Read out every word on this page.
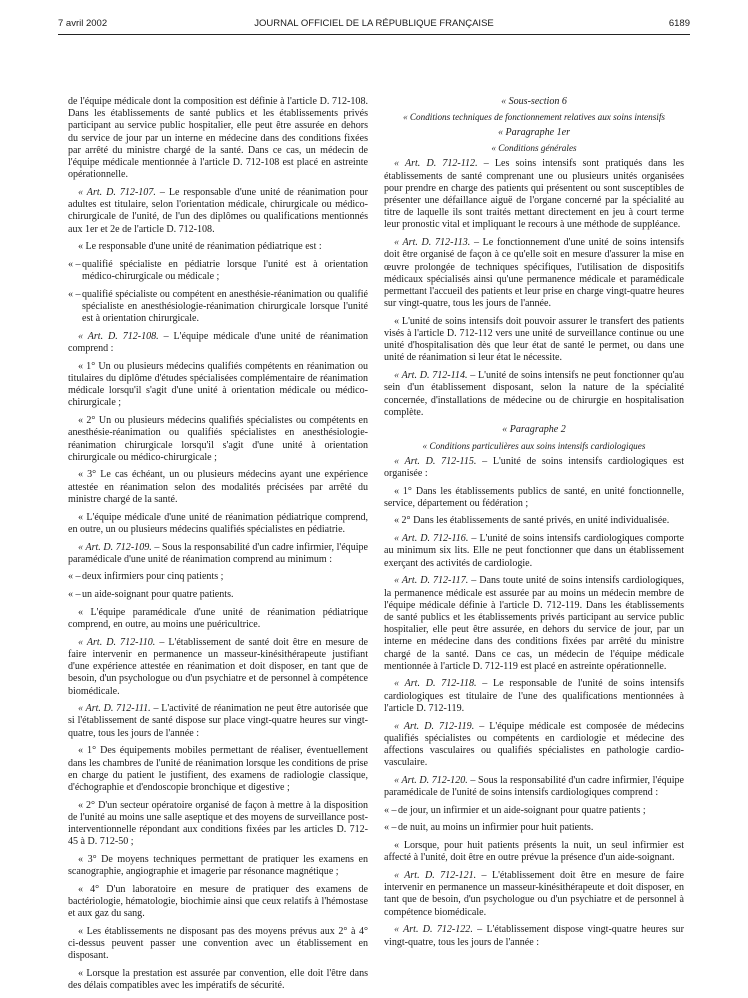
7 avril 2002	JOURNAL OFFICIEL DE LA RÉPUBLIQUE FRANÇAISE	6189

de l'équipe médicale dont la composition est définie à l'article D. 712-108. Dans les établissements de santé publics et les établissements privés participant au service public hospitalier, elle peut être assurée en dehors du service de jour par un interne en médecine dans des conditions fixées par arrêté du ministre chargé de la santé. Dans ce cas, un médecin de l'équipe médicale mentionnée à l'article D. 712-108 est placé en astreinte opérationnelle.

« Art. D. 712-107. – Le responsable d'une unité de réanimation pour adultes est titulaire, selon l'orientation médicale, chirurgicale ou médico-chirurgicale de l'unité, de l'un des diplômes ou qualifications mentionnés aux 1er et 2e de l'article D. 712-108.

« Le responsable d'une unité de réanimation pédiatrique est :

« –qualifié spécialiste en pédiatrie lorsque l'unité est à orientation médico-chirurgicale ou médicale ;

« –qualifié spécialiste ou compétent en anesthésie-réanimation ou qualifié spécialiste en anesthésiologie-réanimation chirurgicale lorsque l'unité est à orientation chirurgicale.

« Art. D. 712-108. – L'équipe médicale d'une unité de réanimation comprend :

« 1° Un ou plusieurs médecins qualifiés compétents en réanimation ou titulaires du diplôme d'études spécialisées complémentaire de réanimation médicale lorsqu'il s'agit d'une unité à orientation médicale ou médico-chirurgicale ;

« 2° Un ou plusieurs médecins qualifiés spécialistes ou compétents en anesthésie-réanimation ou qualifiés spécialistes en anesthésiologie-réanimation chirurgicale lorsqu'il s'agit d'une unité à orientation chirurgicale ou médico-chirurgicale ;

« 3° Le cas échéant, un ou plusieurs médecins ayant une expérience attestée en réanimation selon des modalités précisées par arrêté du ministre chargé de la santé.

« L'équipe médicale d'une unité de réanimation pédiatrique comprend, en outre, un ou plusieurs médecins qualifiés spécialistes en pédiatrie.

« Art. D. 712-109. – Sous la responsabilité d'un cadre infirmier, l'équipe paramédicale d'une unité de réanimation comprend au minimum :

« –deux infirmiers pour cinq patients ;

« –un aide-soignant pour quatre patients.

« L'équipe paramédicale d'une unité de réanimation pédiatrique comprend, en outre, au moins une puéricultrice.

« Art. D. 712-110. – L'établissement de santé doit être en mesure de faire intervenir en permanence un masseur-kinésithérapeute justifiant d'une expérience attestée en réanimation et doit disposer, en tant que de besoin, d'un psychologue ou d'un psychiatre et de personnel à compétence biomédicale.

« Art. D. 712-111. – L'activité de réanimation ne peut être autorisée que si l'établissement de santé dispose sur place vingt-quatre heures sur vingt-quatre, tous les jours de l'année :

« 1° Des équipements mobiles permettant de réaliser, éventuellement dans les chambres de l'unité de réanimation lorsque les conditions de prise en charge du patient le justifient, des examens de radiologie classique, d'échographie et d'endoscopie bronchique et digestive ;

« 2° D'un secteur opératoire organisé de façon à mettre à la disposition de l'unité au moins une salle aseptique et des moyens de surveillance post-interventionnelle répondant aux conditions fixées par les articles D. 712-45 à D. 712-50 ;

« 3° De moyens techniques permettant de pratiquer les examens en scanographie, angiographie et imagerie par résonance magnétique ;

« 4° D'un laboratoire en mesure de pratiquer des examens de bactériologie, hématologie, biochimie ainsi que ceux relatifs à l'hémostase et aux gaz du sang.

« Les établissements ne disposant pas des moyens prévus aux 2° à 4° ci-dessus peuvent passer une convention avec un établissement en disposant.

« Lorsque la prestation est assurée par convention, elle doit l'être dans des délais compatibles avec les impératifs de sécurité.

« Sous-section 6

« Conditions techniques de fonctionnement relatives aux soins intensifs

« Paragraphe 1er

« Conditions générales

« Art. D. 712-112. – Les soins intensifs sont pratiqués dans les établissements de santé comprenant une ou plusieurs unités organisées pour prendre en charge des patients qui présentent ou sont susceptibles de présenter une défaillance aiguë de l'organe concerné par la spécialité au titre de laquelle ils sont traités mettant directement en jeu à court terme leur pronostic vital et impliquant le recours à une méthode de suppléance.

« Art. D. 712-113. – Le fonctionnement d'une unité de soins intensifs doit être organisé de façon à ce qu'elle soit en mesure d'assurer la mise en œuvre prolongée de techniques spécifiques, l'utilisation de dispositifs médicaux spécialisés ainsi qu'une permanence médicale et paramédicale permettant l'accueil des patients et leur prise en charge vingt-quatre heures sur vingt-quatre, tous les jours de l'année.

« L'unité de soins intensifs doit pouvoir assurer le transfert des patients visés à l'article D. 712-112 vers une unité de surveillance continue ou une unité d'hospitalisation dès que leur état de santé le permet, ou dans une unité de réanimation si leur état le nécessite.

« Art. D. 712-114. – L'unité de soins intensifs ne peut fonctionner qu'au sein d'un établissement disposant, selon la nature de la spécialité concernée, d'installations de médecine ou de chirurgie en hospitalisation complète.

« Paragraphe 2

« Conditions particulières aux soins intensifs cardiologiques

« Art. D. 712-115. – L'unité de soins intensifs cardiologiques est organisée :

« 1° Dans les établissements publics de santé, en unité fonctionnelle, service, département ou fédération ;

« 2° Dans les établissements de santé privés, en unité individualisée.

« Art. D. 712-116. – L'unité de soins intensifs cardiologiques comporte au minimum six lits. Elle ne peut fonctionner que dans un établissement exerçant des activités de cardiologie.

« Art. D. 712-117. – Dans toute unité de soins intensifs cardiologiques, la permanence médicale est assurée par au moins un médecin membre de l'équipe médicale définie à l'article D. 712-119. Dans les établissements de santé publics et les établissements privés participant au service public hospitalier, elle peut être assurée, en dehors du service de jour, par un interne en médecine dans des conditions fixées par arrêté du ministre chargé de la santé. Dans ce cas, un médecin de l'équipe médicale mentionnée à l'article D. 712-119 est placé en astreinte opérationnelle.

« Art. D. 712-118. – Le responsable de l'unité de soins intensifs cardiologiques est titulaire de l'une des qualifications mentionnées à l'article D. 712-119.

« Art. D. 712-119. – L'équipe médicale est composée de médecins qualifiés spécialistes ou compétents en cardiologie et médecine des affections vasculaires ou qualifiés spécialistes en pathologie cardio-vasculaire.

« Art. D. 712-120. – Sous la responsabilité d'un cadre infirmier, l'équipe paramédicale de l'unité de soins intensifs cardiologiques comprend :

« –de jour, un infirmier et un aide-soignant pour quatre patients ;

« –de nuit, au moins un infirmier pour huit patients.

« Lorsque, pour huit patients présents la nuit, un seul infirmier est affecté à l'unité, doit être en outre prévue la présence d'un aide-soignant.

« Art. D. 712-121. – L'établissement doit être en mesure de faire intervenir en permanence un masseur-kinésithérapeute et doit disposer, en tant que de besoin, d'un psychologue ou d'un psychiatre et de personnel à compétence biomédicale.

« Art. D. 712-122. – L'établissement dispose vingt-quatre heures sur vingt-quatre, tous les jours de l'année :
